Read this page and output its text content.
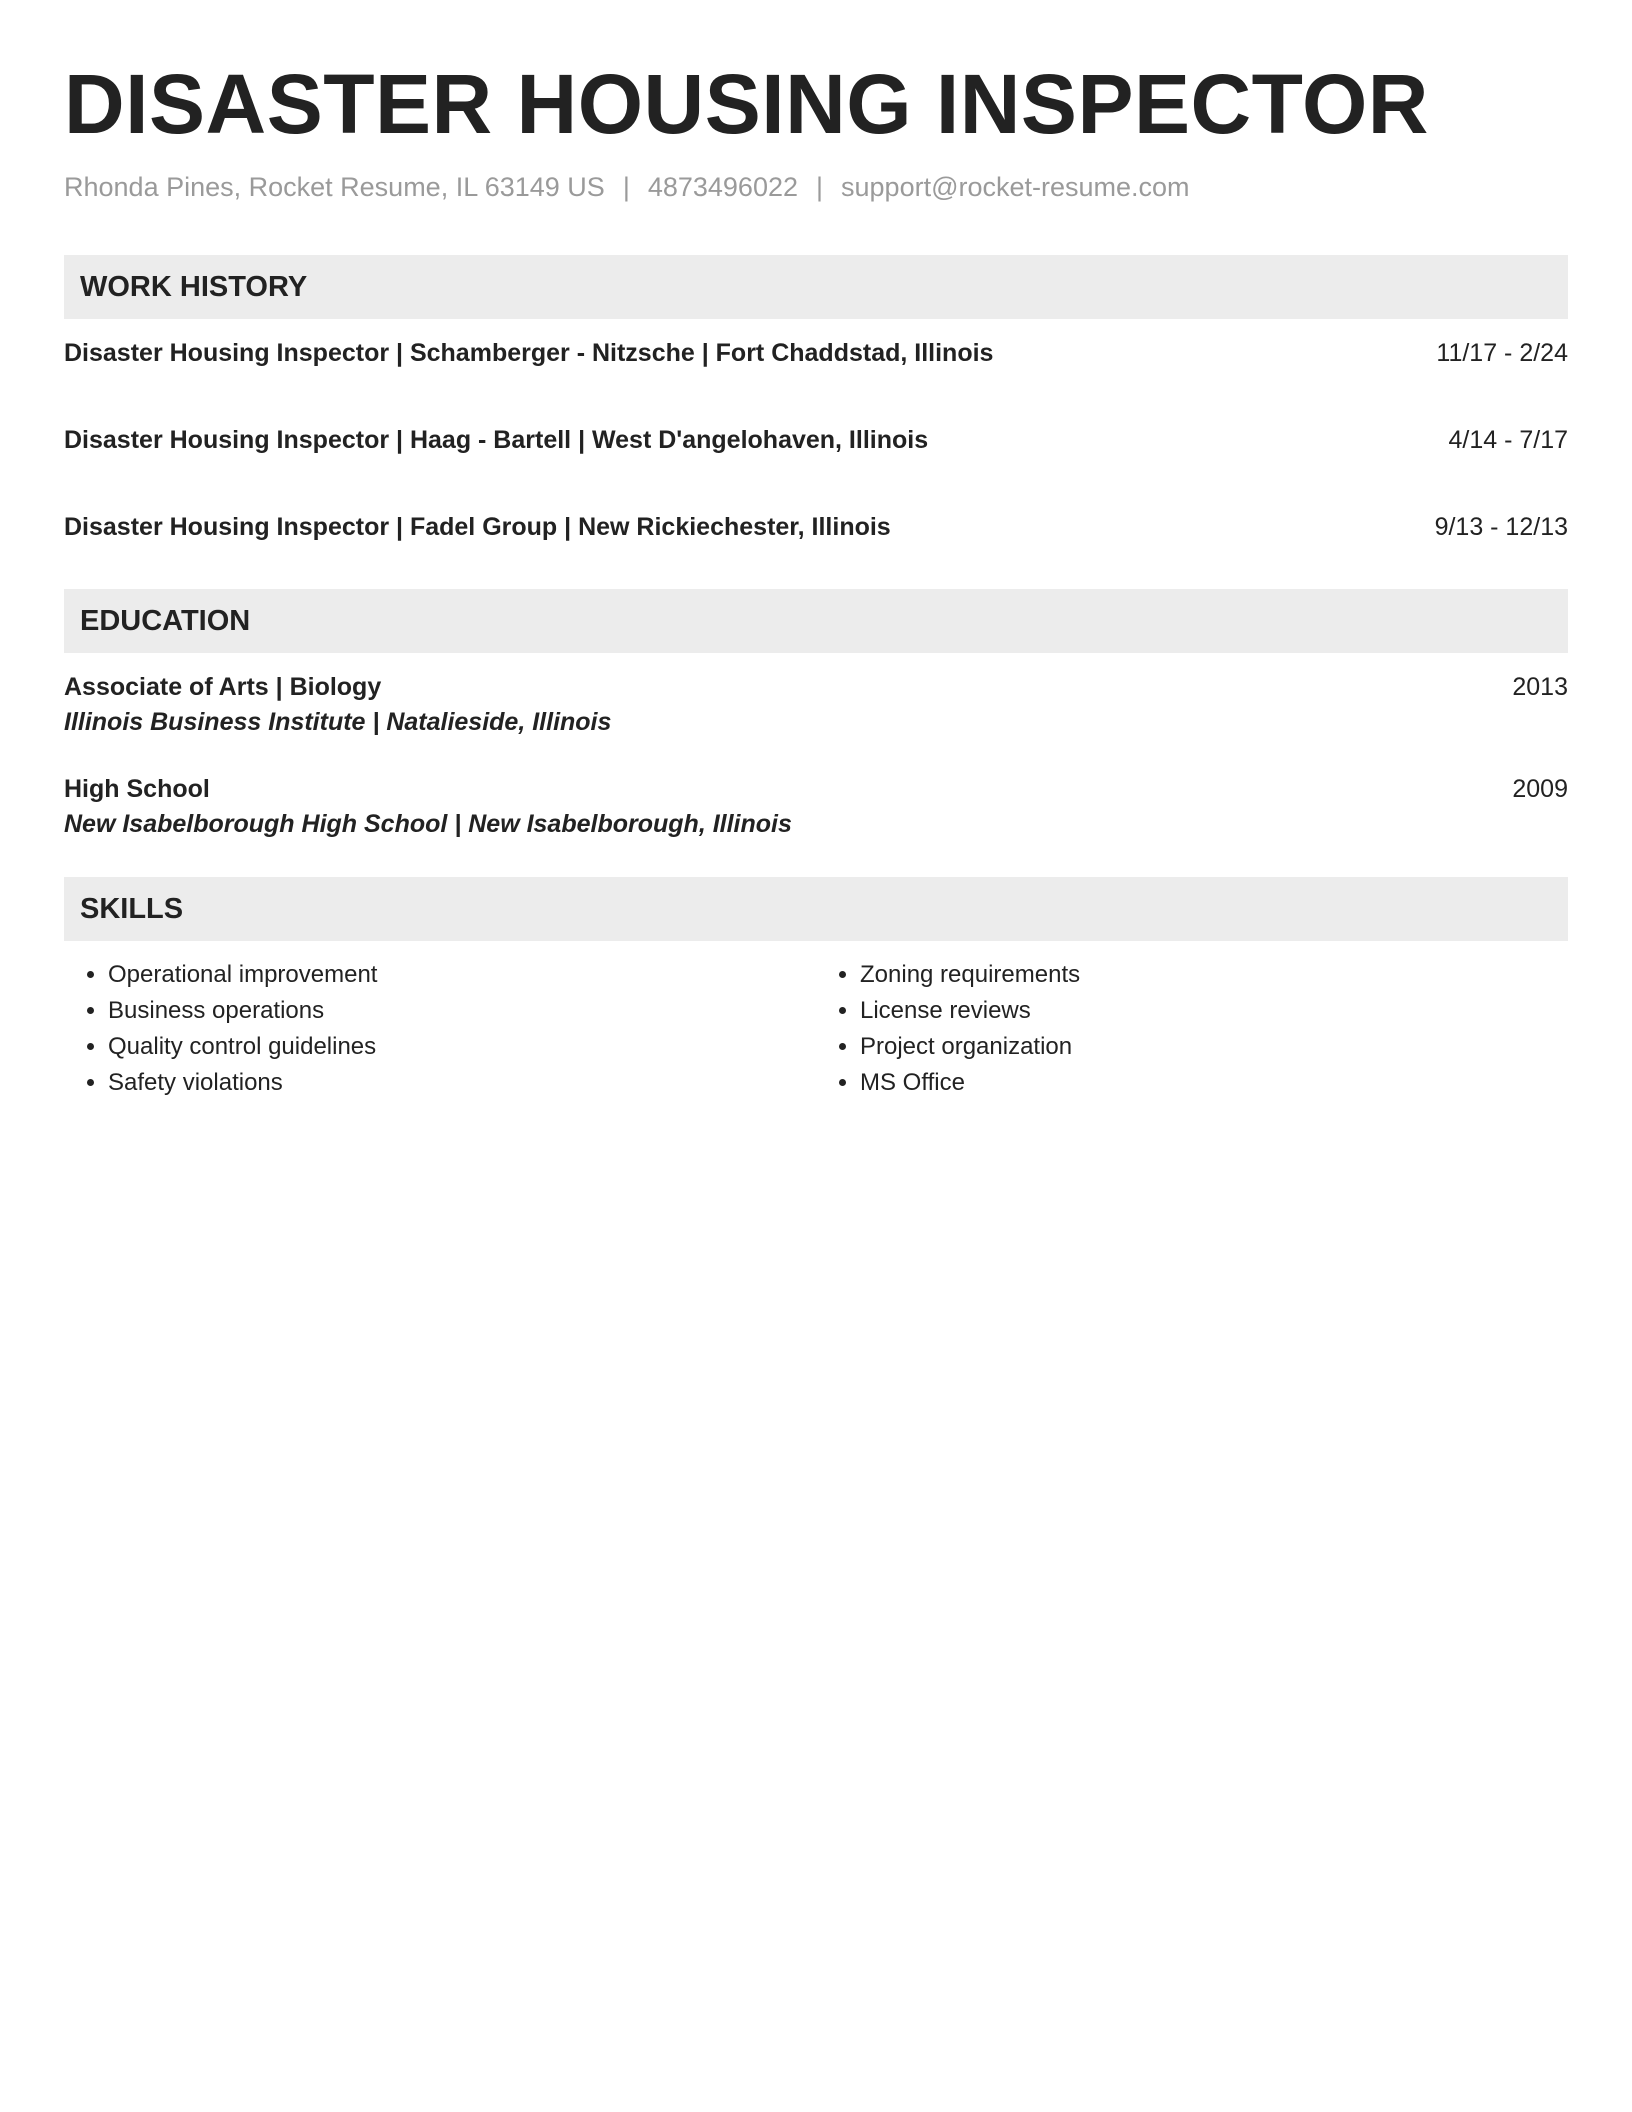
DISASTER HOUSING INSPECTOR
Rhonda Pines, Rocket Resume, IL 63149 US | 4873496022 | support@rocket-resume.com
WORK HISTORY
Disaster Housing Inspector | Schamberger - Nitzsche | Fort Chaddstad, Illinois	11/17 - 2/24
Disaster Housing Inspector | Haag - Bartell | West D'angelohaven, Illinois	4/14 - 7/17
Disaster Housing Inspector | Fadel Group | New Rickiechester, Illinois	9/13 - 12/13
EDUCATION
Associate of Arts | Biology	2013
Illinois Business Institute | Natalieside, Illinois
High School	2009
New Isabelborough High School | New Isabelborough, Illinois
SKILLS
• Operational improvement
• Business operations
• Quality control guidelines
• Safety violations
• Zoning requirements
• License reviews
• Project organization
• MS Office
